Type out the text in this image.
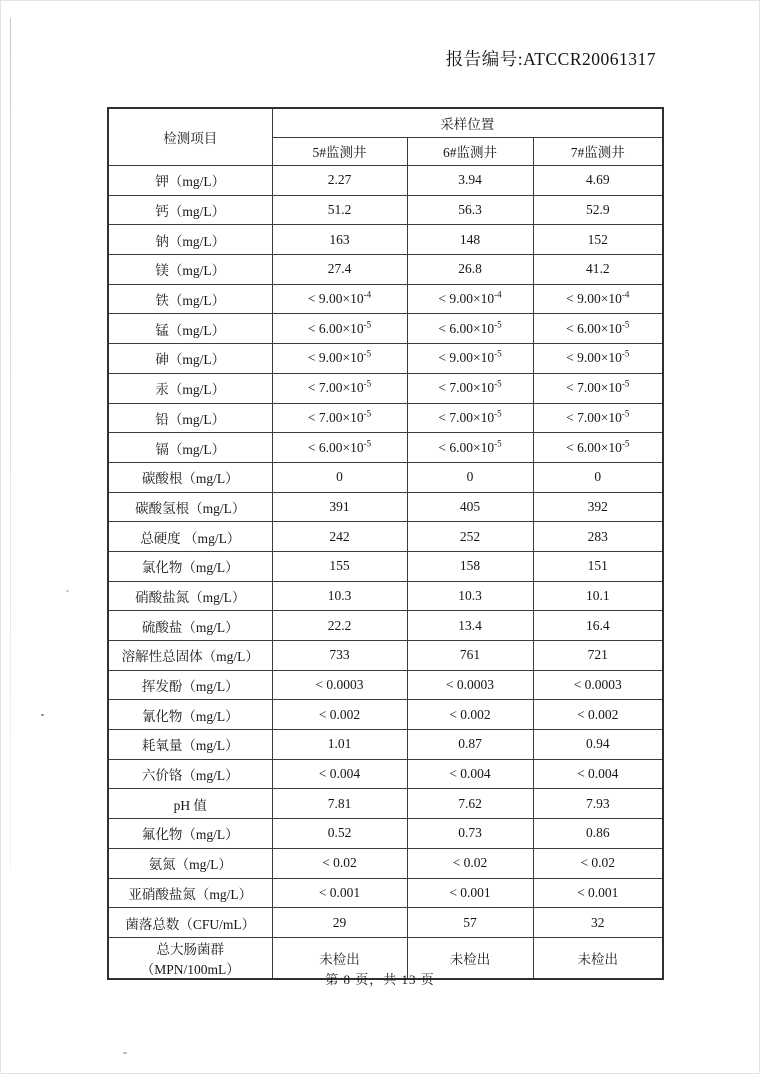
报告编号:ATCCR20061317
检测项目	采样位置		
	5#监测井	6#监测井	7#监测井
钾（mg/L）	2.27	3.94	4.69
钙（mg/L）	51.2	56.3	52.9
钠（mg/L）	163	148	152
镁（mg/L）	27.4	26.8	41.2
铁（mg/L）	< $9.00\times 10^{-4}$	< $9.00\times 10^{-4}$	< $9.00\times 10^{-4}$
锰（mg/L）	< $6.00\times 10^{-5}$	< $6.00\times 10^{-5}$	< $6.00\times 10^{-5}$
砷（mg/L）	< $9.00\times 10^{-5}$	< $9.00\times 10^{-5}$	< $9.00\times 10^{-5}$
汞（mg/L）	< $7.00\times 10^{-5}$	< $7.00\times 10^{-5}$	< $7.00\times 10^{-5}$
铅（mg/L）	< $7.00\times 10^{-5}$	< $7.00\times 10^{-5}$	< $7.00\times 10^{-5}$
镉（mg/L）	< $6.00\times 10^{-5}$	< $6.00\times 10^{-5}$	< $6.00\times 10^{-5}$
碳酸根（mg/L）	0	0	0
碳酸氢根（mg/L）	391	405	392
总硬度 （mg/L）	242	252	283
氯化物（mg/L）	155	158	151
硝酸盐氮（mg/L）	10.3	10.3	10.1
硫酸盐（mg/L）	22.2	13.4	16.4
溶解性总固体（mg/L）	733	761	721
挥发酚（mg/L）	< 0.0003	< 0.0003	< 0.0003
氰化物（mg/L）	< 0.002	< 0.002	< 0.002
耗氧量（mg/L）	1.01	0.87	0.94
六价铬（mg/L）	< 0.004	< 0.004	< 0.004
pH 值	7.81	7.62	7.93
氟化物（mg/L）	0.52	0.73	0.86
氨氮（mg/L）	< 0.02	< 0.02	< 0.02
亚硝酸盐氮（mg/L）	< 0.001	< 0.001	< 0.001
菌落总数（CFU/mL）	29	57	32
总大肠菌群（MPN/100mL）	未检出	未检出	未检出
第 8 页，共 13 页
